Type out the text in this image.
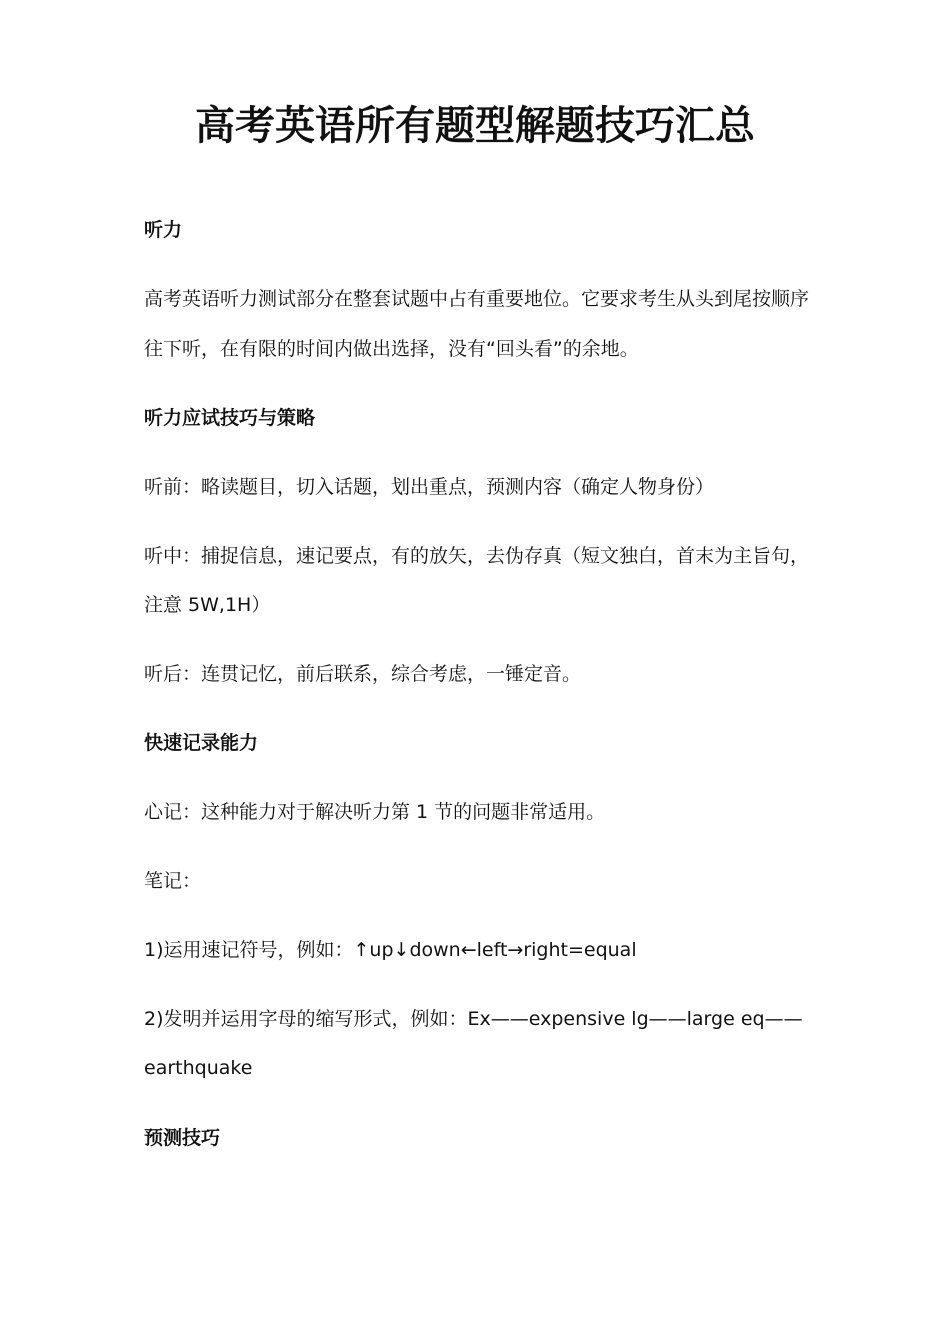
高考英语所有题型解题技巧汇总

听力

高考英语听力测试部分在整套试题中占有重要地位。它要求考生从头到尾按顺序

往下听，在有限的时间内做出选择，没有“回头看”的余地。

听力应试技巧与策略

听前：略读题目，切入话题，划出重点，预测内容（确定人物身份）

听中：捕捉信息，速记要点，有的放矢，去伪存真（短文独白，首末为主旨句，

注意 5W,1H）

听后：连贯记忆，前后联系，综合考虑，一锤定音。

快速记录能力

心记：这种能力对于解决听力第 1 节的问题非常适用。

笔记：

1)运用速记符号，例如：↑up↓down←left→right=equal

2)发明并运用字母的缩写形式，例如：Ex——expensive lg——large eq——

earthquake

预测技巧
